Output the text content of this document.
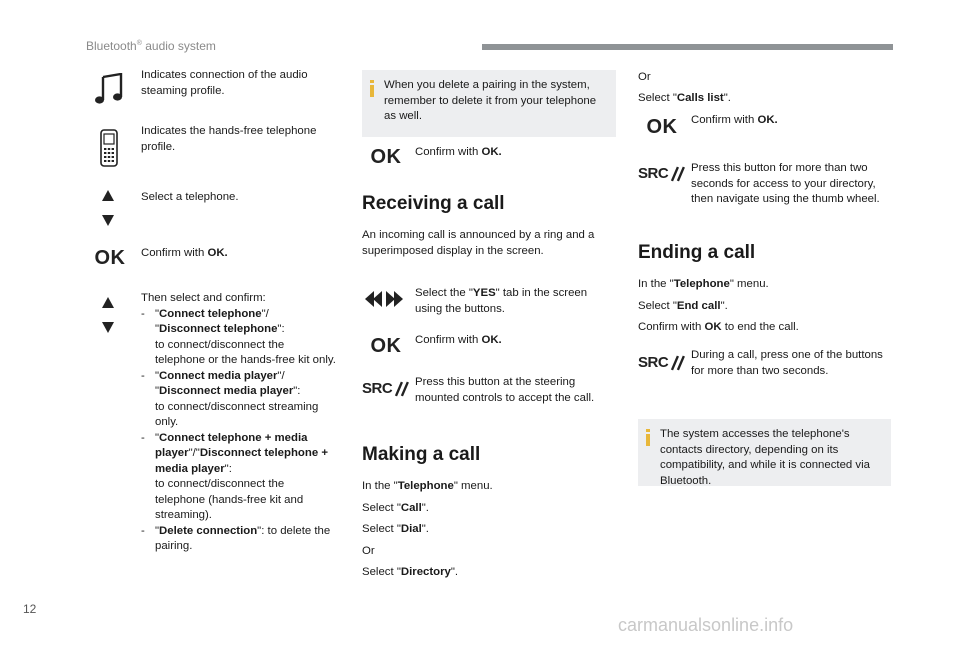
Bluetooth® audio system
Indicates connection of the audio steaming profile.
Indicates the hands-free telephone profile.
Select a telephone.
OK Confirm with OK.
Then select and confirm:
- "Connect telephone"/ "Disconnect telephone":
to connect/disconnect the telephone or the hands-free kit only.
- "Connect media player"/ "Disconnect media player":
to connect/disconnect streaming only.
- "Connect telephone + media player"/"Disconnect telephone + media player":
to connect/disconnect the telephone (hands-free kit and streaming).
- "Delete connection": to delete the pairing.
When you delete a pairing in the system, remember to delete it from your telephone as well.
OK Confirm with OK.
Receiving a call
An incoming call is announced by a ring and a superimposed display in the screen.
Select the "YES" tab in the screen using the buttons.
OK Confirm with OK.
SRC Press this button at the steering mounted controls to accept the call.
Making a call
In the "Telephone" menu.
Select "Call".
Select "Dial".
Or
Select "Directory".
Or
Select "Calls list".
OK Confirm with OK.
SRC Press this button for more than two seconds for access to your directory, then navigate using the thumb wheel.
Ending a call
In the "Telephone" menu.
Select "End call".
Confirm with OK to end the call.
SRC During a call, press one of the buttons for more than two seconds.
The system accesses the telephone's contacts directory, depending on its compatibility, and while it is connected via Bluetooth.
12
carmanualsonline.info
